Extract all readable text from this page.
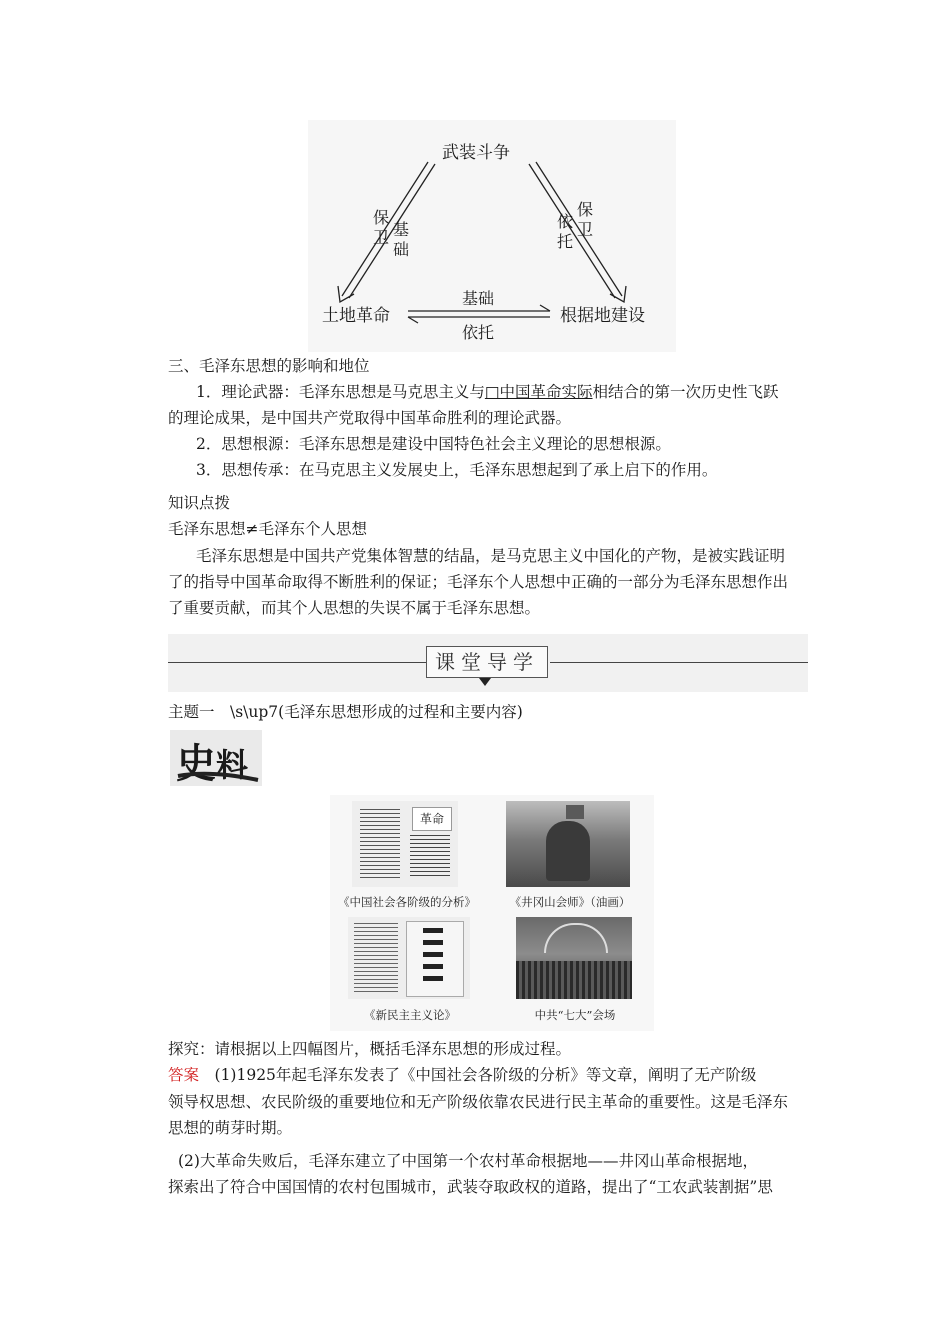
武装斗争
土地革命	根据地建设
保卫 基础
依托
保卫
基础
依托
三、毛泽东思想的影响和地位
1．理论武器：毛泽东思想是马克思主义与□中国革命实际相结合的第一次历史性飞跃
的理论成果，是中国共产党取得中国革命胜利的理论武器。
2．思想根源：毛泽东思想是建设中国特色社会主义理论的思想根源。
3．思想传承：在马克思主义发展史上，毛泽东思想起到了承上启下的作用。
知识点拨
毛泽东思想≠毛泽东个人思想
毛泽东思想是中国共产党集体智慧的结晶，是马克思主义中国化的产物，是被实践证明
了的指导中国革命取得不断胜利的保证；毛泽东个人思想中正确的一部分为毛泽东思想作出
了重要贡献，而其个人思想的失误不属于毛泽东思想。
课堂导学
主题一　\s\up7(毛泽东思想形成的过程和主要内容)
史 料
革命
《中国社会各阶级的分析》	《井冈山会师》（油画）
《新民主主义论》	中共“七大”会场
探究：请根据以上四幅图片，概括毛泽东思想的形成过程。
答案　(1)1925年起毛泽东发表了《中国社会各阶级的分析》等文章，阐明了无产阶级
领导权思想、农民阶级的重要地位和无产阶级依靠农民进行民主革命的重要性。这是毛泽东
思想的萌芽时期。
(2)大革命失败后，毛泽东建立了中国第一个农村革命根据地——井冈山革命根据地，
探索出了符合中国国情的农村包围城市，武装夺取政权的道路，提出了“工农武装割据”思
